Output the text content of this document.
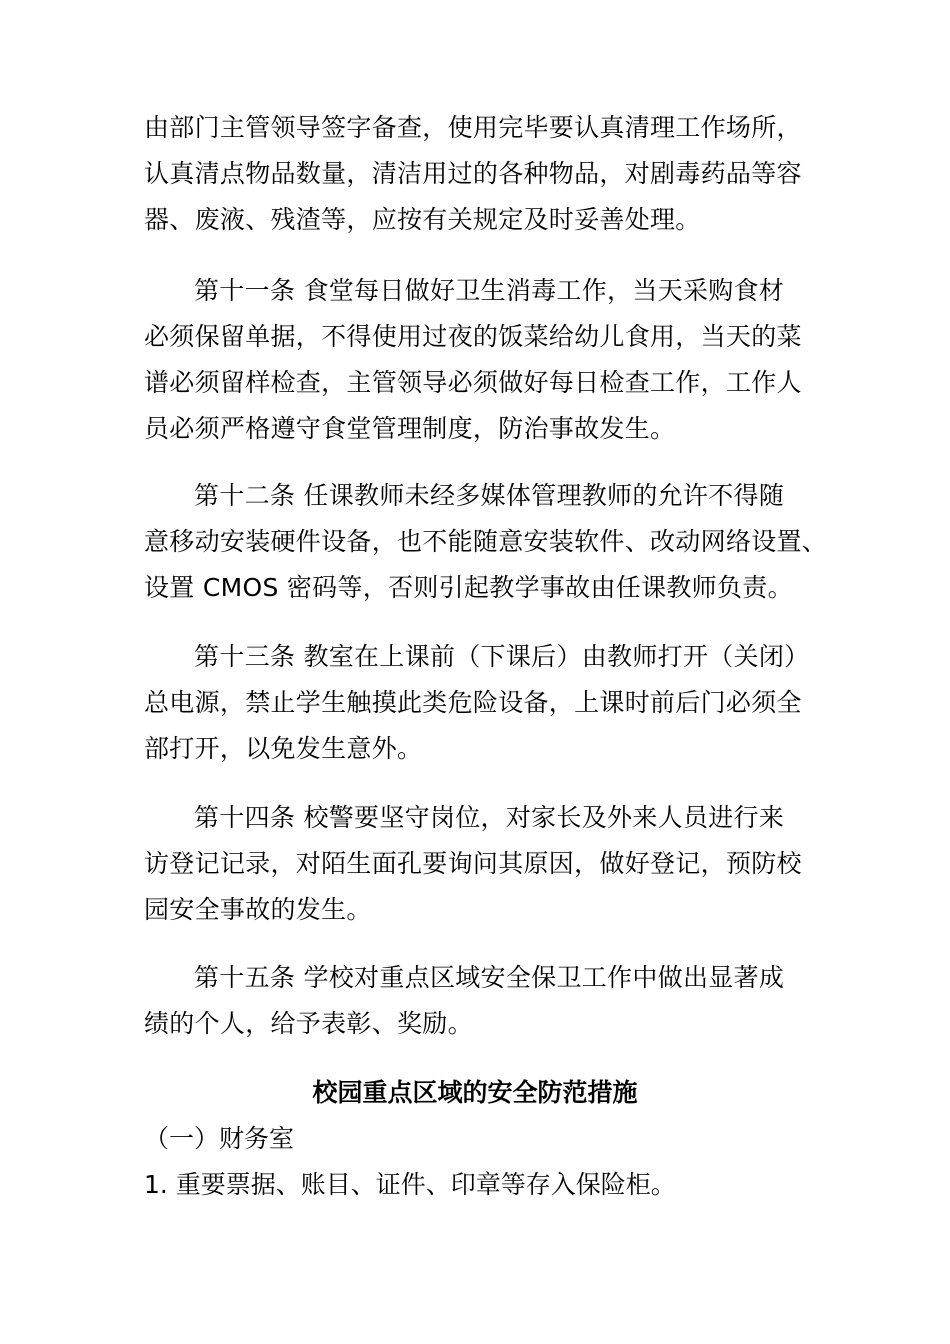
由部门主管领导签字备查，使用完毕要认真清理工作场所，
认真清点物品数量，清洁用过的各种物品，对剧毒药品等容
器、废液、残渣等，应按有关规定及时妥善处理。
第十一条 食堂每日做好卫生消毒工作，当天采购食材
必须保留单据，不得使用过夜的饭菜给幼儿食用，当天的菜
谱必须留样检查，主管领导必须做好每日检查工作，工作人
员必须严格遵守食堂管理制度，防治事故发生。
第十二条 任课教师未经多媒体管理教师的允许不得随
意移动安装硬件设备，也不能随意安装软件、改动网络设置、
设置 CMOS 密码等，否则引起教学事故由任课教师负责。
第十三条 教室在上课前（下课后）由教师打开（关闭）
总电源，禁止学生触摸此类危险设备，上课时前后门必须全
部打开，以免发生意外。
第十四条 校警要坚守岗位，对家长及外来人员进行来
访登记记录，对陌生面孔要询问其原因，做好登记，预防校
园安全事故的发生。
第十五条 学校对重点区域安全保卫工作中做出显著成
绩的个人，给予表彰、奖励。
校园重点区域的安全防范措施

（一）财务室

1. 重要票据、账目、证件、印章等存入保险柜。
